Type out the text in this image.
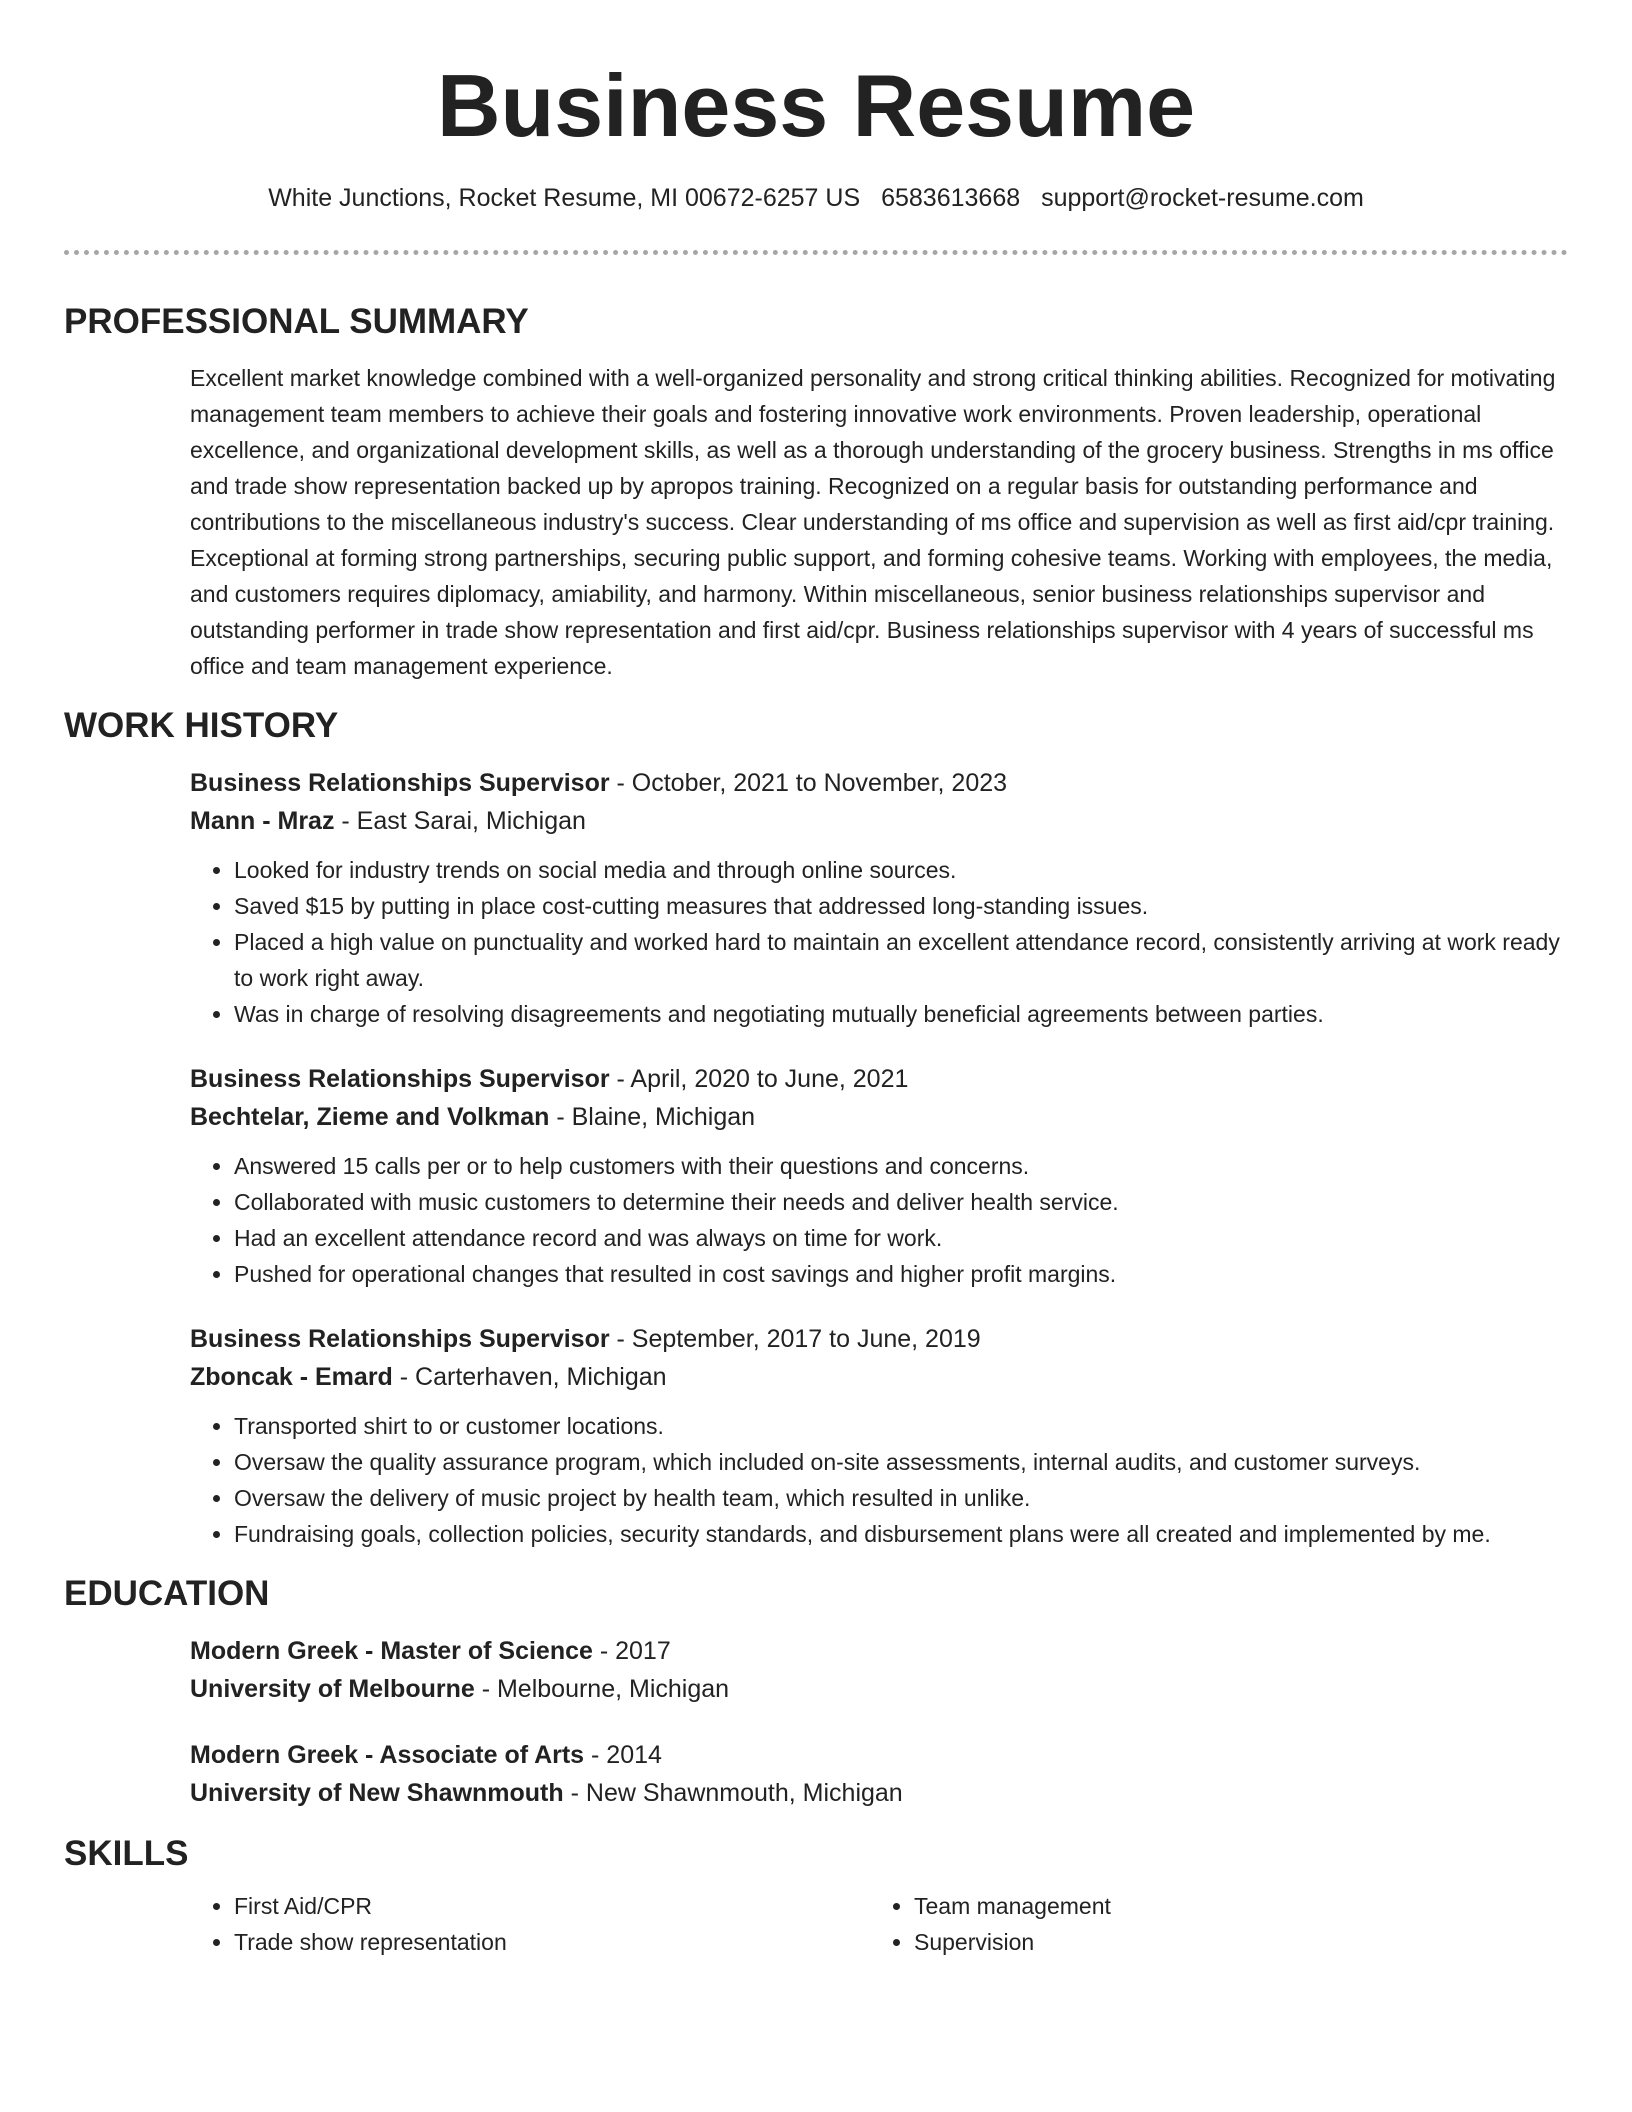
Business Resume
White Junctions, Rocket Resume, MI 00672-6257 US 6583613668 support@rocket-resume.com
PROFESSIONAL SUMMARY

Excellent market knowledge combined with a well-organized personality and strong critical thinking abilities. Recognized for motivating management team members to achieve their goals and fostering innovative work environments. Proven leadership, operational excellence, and organizational development skills, as well as a thorough understanding of the grocery business. Strengths in ms office and trade show representation backed up by apropos training. Recognized on a regular basis for outstanding performance and contributions to the miscellaneous industry's success. Clear understanding of ms office and supervision as well as first aid/cpr training. Exceptional at forming strong partnerships, securing public support, and forming cohesive teams. Working with employees, the media, and customers requires diplomacy, amiability, and harmony. Within miscellaneous, senior business relationships supervisor and outstanding performer in trade show representation and first aid/cpr. Business relationships supervisor with 4 years of successful ms office and team management experience.

WORK HISTORY
Business Relationships Supervisor - October, 2021 to November, 2023
Mann - Mraz - East Sarai, Michigan
• Looked for industry trends on social media and through online sources.
• Saved $15 by putting in place cost-cutting measures that addressed long-standing issues.
• Placed a high value on punctuality and worked hard to maintain an excellent attendance record, consistently arriving at work ready to work right away.
• Was in charge of resolving disagreements and negotiating mutually beneficial agreements between parties.
Business Relationships Supervisor - April, 2020 to June, 2021
Bechtelar, Zieme and Volkman - Blaine, Michigan
• Answered 15 calls per or to help customers with their questions and concerns.
• Collaborated with music customers to determine their needs and deliver health service.
• Had an excellent attendance record and was always on time for work.
• Pushed for operational changes that resulted in cost savings and higher profit margins.
Business Relationships Supervisor - September, 2017 to June, 2019
Zboncak - Emard - Carterhaven, Michigan
• Transported shirt to or customer locations.
• Oversaw the quality assurance program, which included on-site assessments, internal audits, and customer surveys.
• Oversaw the delivery of music project by health team, which resulted in unlike.
• Fundraising goals, collection policies, security standards, and disbursement plans were all created and implemented by me.
EDUCATION
Modern Greek - Master of Science - 2017
University of Melbourne - Melbourne, Michigan
Modern Greek - Associate of Arts - 2014
University of New Shawnmouth - New Shawnmouth, Michigan
SKILLS
• First Aid/CPR
• Trade show representation
• Team management
• Supervision
